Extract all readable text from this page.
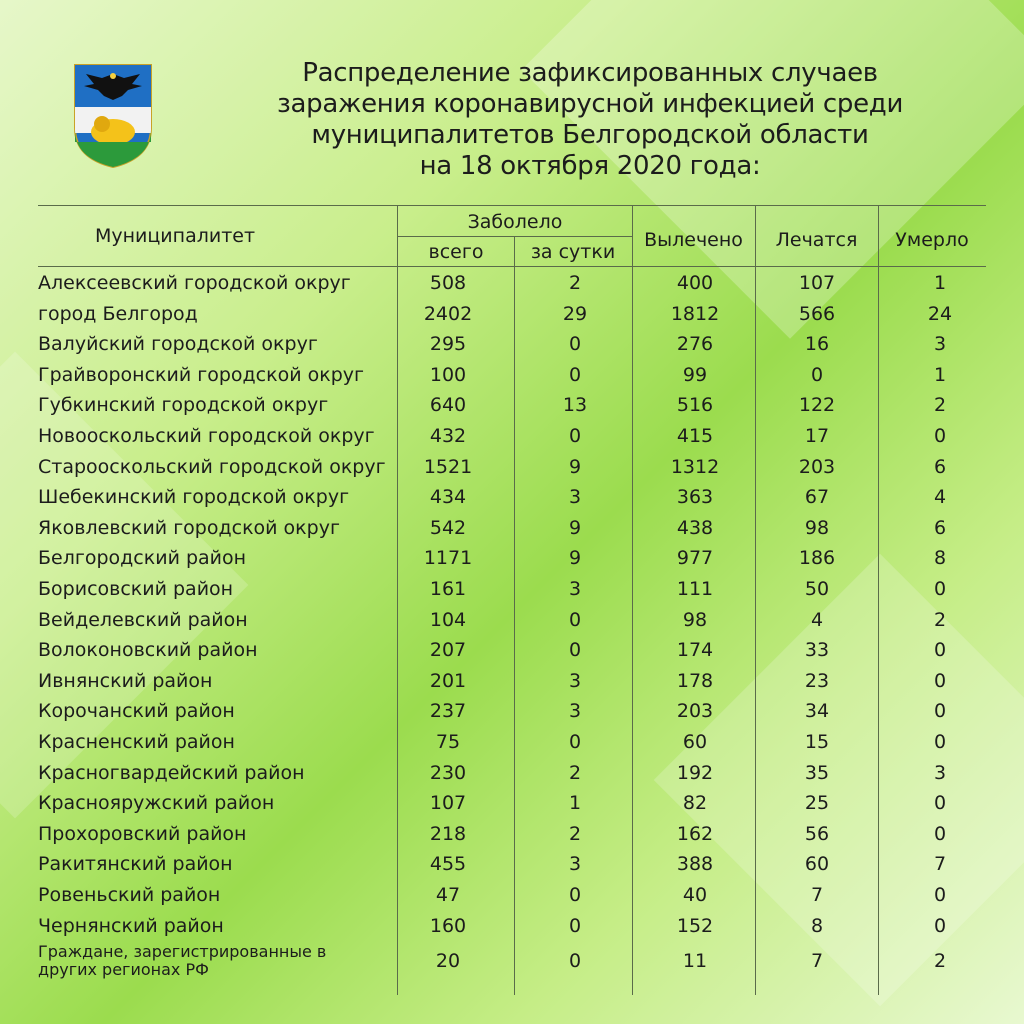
Распределение зафиксированных случаев
заражения коронавирусной инфекцией среди
муниципалитетов Белгородской области
на 18 октября 2020 года:
Муниципалитет
Заболело
всего	за сутки
Вылечено	Лечатся	Умерло
Алексеевский городской округ	508	2	400	107	1
город Белгород	2402	29	1812	566	24
Валуйский городской округ	295	0	276	16	3
Грайворонский городской округ	100	0	99	0	1
Губкинский городской округ	640	13	516	122	2
Новооскольский городской округ	432	0	415	17	0
Старооскольский городской округ	1521	9	1312	203	6
Шебекинский городской округ	434	3	363	67	4
Яковлевский городской округ	542	9	438	98	6
Белгородский район	1171	9	977	186	8
Борисовский район	161	3	111	50	0
Вейделевский район	104	0	98	4	2
Волоконовский район	207	0	174	33	0
Ивнянский район	201	3	178	23	0
Корочанский район	237	3	203	34	0
Красненский район	75	0	60	15	0
Красногвардейский район	230	2	192	35	3
Краснояружский район	107	1	82	25	0
Прохоровский район	218	2	162	56	0
Ракитянский район	455	3	388	60	7
Ровеньский район	47	0	40	7	0
Чернянский район	160	0	152	8	0
Граждане, зарегистрированные в других регионах РФ	20	0	11	7	2
